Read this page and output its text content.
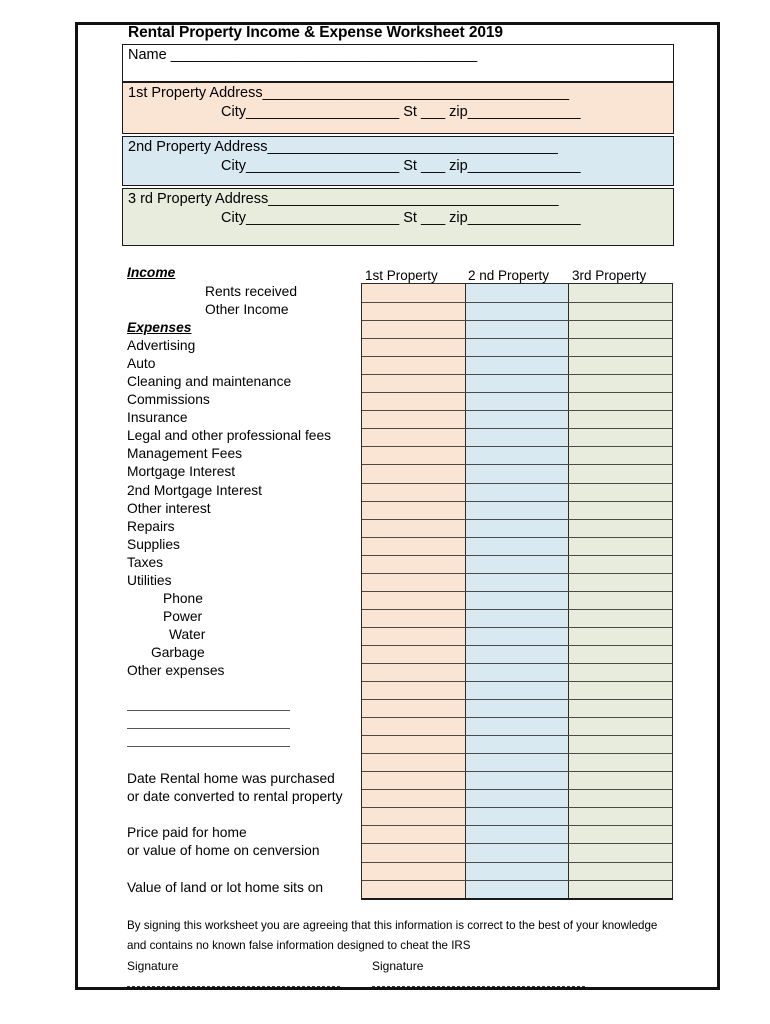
Rental Property Income & Expense Worksheet 2019
Name ______________________________________
1st Property Address______________________________________
City___________________ St ___ zip______________
2nd Property Address____________________________________
City___________________ St ___ zip______________
3 rd Property Address____________________________________
City___________________ St ___ zip______________
Income	1st Property 2 nd Property 3rd Property
Rents received
Other Income
Expenses
Advertising
Auto
Cleaning and maintenance
Commissions
Insurance
Legal and other professional fees
Management Fees
Mortgage Interest
2nd Mortgage Interest
Other interest
Repairs
Supplies
Taxes
Utilities
Phone
Power
Water
Garbage
Other expenses
Date Rental home was purchased
or date converted to rental property
Price paid for home
or value of home on cenversion
Value of land or lot home sits on
By signing this worksheet you are agreeing that this information is correct to the best of your knowledge
and contains no known false information designed to cheat the IRS
Signature	Signature
